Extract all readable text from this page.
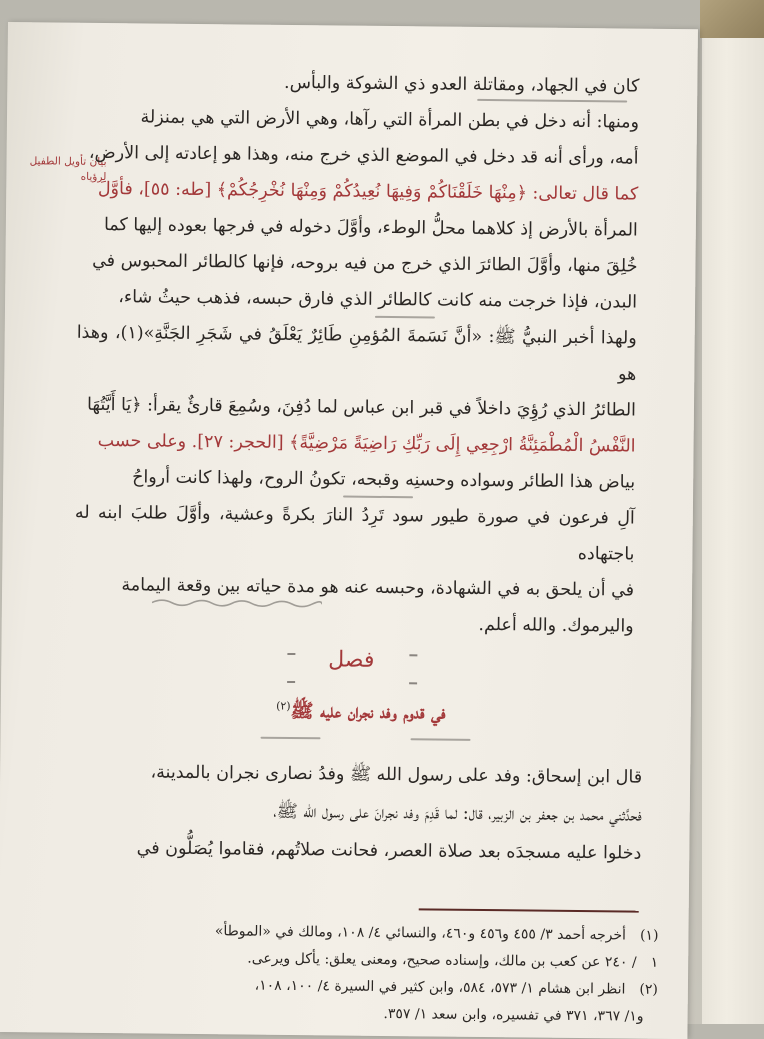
بيان تأويل الطفيل لرؤياه

كان في الجهاد، ومقاتلة العدو ذي الشوكة والبأس.

ومنها: أنه دخل في بطن المرأة التي رآها، وهي الأرض التي هي بمنزلة

أمه، ورأى أنه قد دخل في الموضع الذي خرج منه، وهذا هو إعادته إلى الأرض،

كما قال تعالى: ﴿مِنْهَا خَلَقْنَاكُمْ وَفِيهَا نُعِيدُكُمْ وَمِنْهَا نُخْرِجُكُمْ﴾ [طه: ٥٥]، فأوَّلَ

المرأة بالأرض إذ كلاهما محلُّ الوطء، وأوَّلَ دخوله في فرجها بعوده إليها كما

خُلِقَ منها، وأوَّلَ الطائرَ الذي خرج من فيه بروحه، فإنها كالطائر المحبوس في

البدن، فإذا خرجت منه كانت كالطائر الذي فارق حبسه، فذهب حيثُ شاء،

ولهذا أخبر النبيُّ ﷺ: «أنَّ نَسَمةَ المُؤمِنِ طَائِرٌ يَعْلَقُ في شَجَرِ الجَنَّةِ»(١)، وهذا هو

الطائرُ الذي رُؤِيَ داخلاً في قبر ابن عباس لما دُفِنَ، وسُمِعَ قارئٌ يقرأ: ﴿يَا أَيَّتُهَا

النَّفْسُ الْمُطْمَئِنَّةُ ارْجِعِي إِلَى رَبِّكِ رَاضِيَةً مَرْضِيَّةً﴾ [الحجر: ٢٧]. وعلى حسب

بياض هذا الطائر وسواده وحسنِه وقبحه، تكونُ الروح، ولهذا كانت أرواحُ

آلِ فرعون في صورة طيور سود تَرِدُ النارَ بكرةً وعشية، وأوَّلَ طلبَ ابنه له باجتهاده

في أن يلحق به في الشهادة، وحبسه عنه هو مدة حياته بين وقعة اليمامة

واليرموك. والله أعلم.

فصل
في قدوم وفد نجران عليه ﷺ$^{(٢)}$

قال ابن إسحاق: وفد على رسول الله ﷺ وفدُ نصارى نجران بالمدينة،

فحدَّثني محمد بن جعفر بن الزبير، قال: لما قَدِمَ وفد نجرانَ على رسول الله ﷺ،

دخلوا عليه مسجدَه بعد صلاة العصر، فحانت صلاتُهم، فقاموا يُصَلُّون في

(١)أخرجه أحمد ٣/ ٤٥٥ و٤٥٦ و٤٦٠، والنسائي ٤/ ١٠٨، ومالك في «الموطأ»

١/ ٢٤٠ عن كعب بن مالك، وإسناده صحيح، ومعنى يعلق: يأكل ويرعى.

(٢)انظر ابن هشام ١/ ٥٧٣، ٥٨٤، وابن كثير في السيرة ٤/ ١٠٠، ١٠٨،

و١/ ٣٦٧، ٣٧١ في تفسيره، وابن سعد ١/ ٣٥٧.
